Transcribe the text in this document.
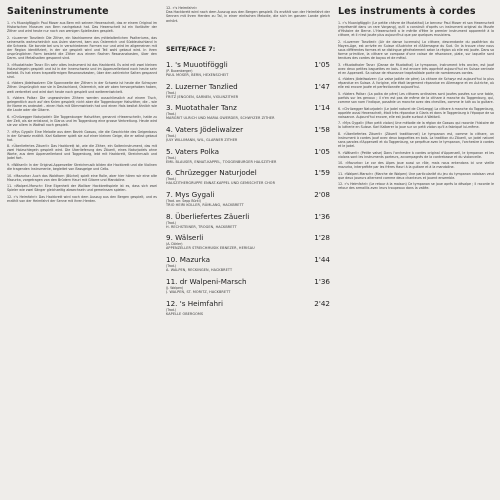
Saiteninstrumente

1. »'s Muonigföggli« Paul Moser aus Bern mit seinem Hexenscheit, das er einem Original im Historischen Museum von Bern nachgebaut hat. Das Hexenscheit ist ein Vorläufer der Zither und wird heute nur noch von wenigen Spielleuten gespielt.

2. »Luzerner Tanzlied« Die Zither, ein Nachkomme des mittelalterlichen Psalteriums, das seinerseits wahrscheinlich aus Asien stammt, kam aus Österreich und Süddeutschland in die Schweiz. Sie konnte bei uns in verschiedenen Formen nur und wird im allgemeinen mit der Region identifiziert, in der sie gespielt wird und Teil wohl gebaut wird. In ihren ursprünglichen Form besteht die Zither aus einem flachen Resonanzkasten, über den Darm- und Metallsaiten gespannt sind.

3. »Muotathaler Tanz« Ein sehr altes Instrument ist das Hackbrett. Es wird mit zwei kleinen Holzschlegeln gespielt und ist in der Innerschweiz und im Appenzellerland noch heute sehr beliebt. Es hat einen trapezförmigen Resonanzkasten, über den zahlreiche Saiten gespannt sind.

4. »Vaters Jödeliwalzer« Die Spannweite der Zithern in der Schweiz ist heute die Schwyzer Zither. Ursprünglich war sie in Deutschland, Österreich, wie wir oben hervorgehoben haben, weit verbreitet und wird dort heute noch gespielt und weiterentwickelt.

5. »Vaters Polka« Die ungewohnten Zithern werden ausschliesslich auf einem Tisch, gelegentlich auch auf den Knien gespielt; nicht aber die Toggenburger Halszither, die – wie ihr Name es andeutet – einen Hals mit Stimmwirbeln hat und einen Hals besitzt ähnlich wie die Laute oder die Gitarre.

6. »Chrüzegger Naturjodel« Die Toggenburger Halszither, genannt »Hexenscheit«, hatte zu der Zeit, als sie entstand, in Glarus und im Toggenburg eine grosse Verbreitung. Heute wird sie vor allem in Wattwil noch gespielt.

7. »Mys Gygali« Eine Melodie aus dem Bezirk Gossau, die die Geschichte des Geigenbaus in der Schweiz erzählt. Karl Kalberer spielt sie auf einer kleinen Geige, die er selbst gebaut hat.

8. »Überliefertes Zäuerli« Das Hackbrett ist, wie die Zither, ein Saiteninstrument, das mit zwei Holzschlegeln gespielt wird. Die Überlieferung des Zäuerli, eines Naturjodels ohne Worte, aus dem Appenzellerland und Toggenburg, lebt mit Hackbrett, Streichmusik und Jodel fort.

9. »Wälserli« In der Original-Appenzeller Streichmusik bilden die Hackbrett und die Violinen die tragenden Instrumente, begleitet von Bassgeige und Cello.

10. »Mazurka« Auch das Waldhorn (Büchel) spielt eine Rolle, aber hier hören wir eine alte Mazurka, vorgetragen von den Brüdern Hauri mit Gitarre und Mandoline.

11. »Walperi-Marsch« Eine Eigenheit der Walliser Hackbrettspiele ist es, dass sich zwei Spieler wie zwei Sänger gleichzeitig abwechseln und gemeinsam spielen.

12. »'s Heimfahri« Das Hackbrett wird nach dem Auszug aus den Bergen gespielt, und es erzählt von der Heimfahrt der Senne mit ihren Herden.

12. »'s Heimfahri«
Das Hackbrett wird nach dem Auszug aus den Bergen gespielt. Es erzählt von der Heimfahrt der Sennen mit ihren Herden zu Tal, in einer einfachen Melodie, die sich im ganzen Lande gleich anhört.
SEITE/FACE 7:
1. 's Muuotiföggli	1'05
(P. Buxenberger)
PAUL MOSER, BERN, HEXENSCHEIT
2. Luzerner Tanzlied	1'47
(Trad.)
FRITZ JENGOEN, SARNEN, VIOLINZITHER
3. Muotathaler Tanz	1'14
(Trad.)
MARGRIT ULRICH UND MARIA GWERDER, SCHWYZER ZITHER
4. Vaters Jödeliwalzer	1'58
(Trad.)
JULY WILLIMANN, WIL, GLARNER ZITHER
5. Vaters Polka	1'05
(Trad.)
EMIL BLAUSER, ENNAT-KAPPEL, TOGGENBURGER HALSZITHER
6. Chrüzegger Naturjodel	1'59
(Trad.)
HALSZITHERGRUPPE ENNAT-KAPPEL UND GEMISCHTER CHOR
7. Mys Gygali	2'08
(Trad. arr. Sepp Bürki)
TRIO HEIRI KOLLER, RÜMLANG, HACKBRETT
8. Überliefertes Zäuerli	1'36
(Trad.)
H. RECHSTEINER, TROGEN, HACKBRETT
9. Wälserli	1'28
(A. Dörler)
APPENZELLER STREICHMUSIK EBNEZER, HERISAU
10. Mazurka	1'44
(Trad.)
A. WALPEN, RECKINGEN, HACKBRETT
11. dr Walpeni-Marsch	1'36
(J. Walpen)
J. WALPEN, ST. MORITZ, HACKBRETT
12. 's Heimfahri	2'42
(Trad.)
KAPELLE OBERGOMS
Les instruments à cordes

1. »'s Muonigföggli« (Le petite chèvre de Muotathal) Le berceur Paul Moser et son Hexenscheit (représenté dans un rare Vorgang), qu'il a construit d'après un instrument original du Musée d'Histoire de Berne. L'Hexenscheit a le mérite d'être le premier instrument apparenté à la cithare, et il n'est jouée plus aujourd'hui que par quelques musiciens.

2. »Luzerner Tanzlied« (Air de danse lucernois) La cithare, descendante du psaltérion du Moyen-Age, est arrivée en Suisse d'Autriche et d'Allemagne du Sud. On la trouve chez nous sous différentes formes et se distingue généralement selon la région où elle est jouée. Dans sa forme primitive, la cithare se compose d'une caisse de résonance, plate, sur laquelle sont tendues des cordes de boyau et de métal.

3. »Muotathaler Tanz« (Danse de Muotathal) Le tympanon, instrument très ancien, est joué avec deux petites baguettes en bois. Il est encore très apprécié aujourd'hui en Suisse centrale et en Appenzell. Sa caisse de résonance trapézoïdale porte de nombreuses cordes.

4. »Vaters Jödeliwalzer« (La valse jodlée de père) La cithare de Schwyz est aujourd'hui la plus répandue en Suisse. A l'origine, elle était largement répandue en Allemagne et en Autriche, où elle est encore jouée et perfectionnée aujourd'hui.

5. »Vaters Polka« (La polka de père) Les cithares ordinaires sont jouées posées sur une table, parfois sur les genoux ; il n'en est pas de même de la cithare à manche du Toggenburg, qui, comme son nom l'indique, possède un manche avec des chevilles, comme le luth ou la guitare.

6. »Chrüzegger Naturjodel« (Le jodel naturel de Chrüzegg) La cithare à manche du Toggenburg, appelée aussi Hexenscheit, était très répandue à Glaris et dans le Toggenburg à l'époque de sa naissance. Aujourd'hui encore, elle est jouée surtout à Wattwil.

7. »Mys Gygali« (Mon petit violon) Une mélodie de la région de Gossau qui raconte l'histoire de la lutherie en Suisse. Karl Kalberer la joue sur un petit violon qu'il a fabriqué lui-même.

8. »Überliefertes Zäuerli« (Zäuerli traditionnel) Le tympanon est, comme la cithare, un instrument à cordes joué avec deux baguettes en bois. La tradition du Zäuerli, un jodel naturel sans paroles d'Appenzell et du Toggenburg, se perpétue avec le tympanon, l'orchestre à cordes et le jodel.

9. »Wälserli« (Petite valse) Dans l'orchestre à cordes original d'Appenzell, le tympanon et les violons sont les instruments porteurs, accompagnés de la contrebasse et du violoncelle.

10. »Mazurka« Le cor des Alpes joue aussi un rôle, mais nous entendons ici une vieille mazurka, interprétée par les frères Hauri à la guitare et à la mandoline.

11. »Walperi-Marsch« (Marche de Walpen) Une particularité du jeu du tympanon valaisan veut que deux joueurs alternent comme deux chanteurs et jouent ensemble.

12. »'s Heimfahri« (Le retour à la maison) Ce tympanon se joue après la désalpe ; il raconte le retour des armaillis avec leurs troupeaux dans la vallée.
